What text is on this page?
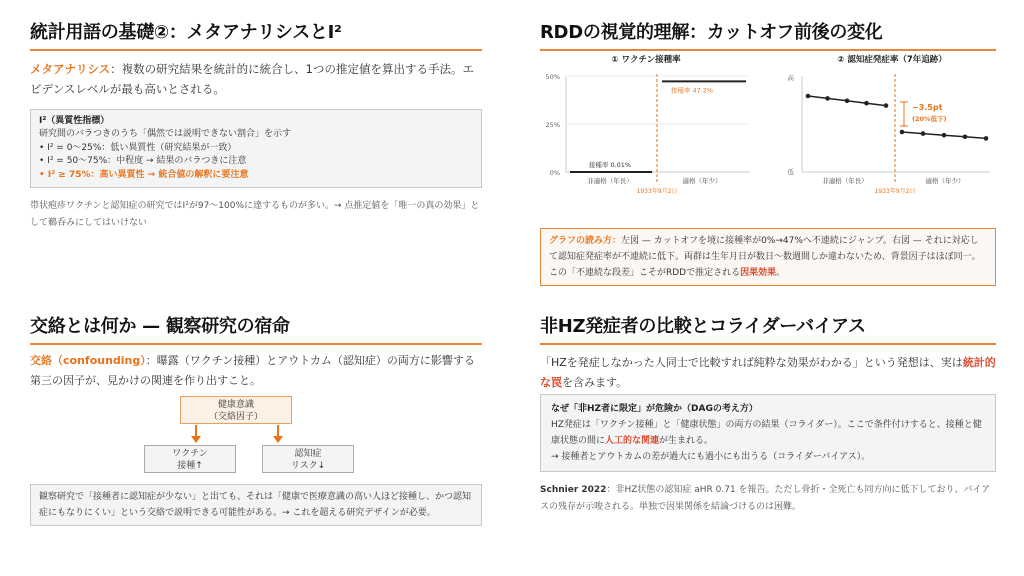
統計用語の基礎②：メタアナリシスとI²

メタアナリシス：複数の研究結果を統計的に統合し、1つの推定値を算出する手法。エビデンスレベルが最も高いとされる。

I²（異質性指標）
研究間のバラつきのうち「偶然では説明できない割合」を示す
• I² = 0〜25%：低い異質性（研究結果が一致）
• I² = 50〜75%：中程度 → 結果のバラつきに注意
• I² ≥ 75%：高い異質性 → 統合値の解釈に要注意

帯状疱疹ワクチンと認知症の研究ではI²が97〜100%に達するものが多い。→ 点推定値を「唯一の真の効果」として鵜呑みにしてはいけない

RDDの視覚的理解：カットオフ前後の変化
① ワクチン接種率
50%
25%
0%
接種率 0.01%
接種率 47.2%
非適格（年長）	適格（年少）
1933年9月2日
② 認知症発症率（7年追跡）
高
低
−3.5pt
(20%低下)
非適格（年長）	適格（年少）
1933年9月2日
グラフの読み方：左図 — カットオフを境に接種率が0%→47%へ不連続にジャンプ。右図 — それに対応して認知症発症率が不連続に低下。両群は生年月日が数日〜数週間しか違わないため、背景因子はほぼ同一。この「不連続な段差」こそがRDDで推定される因果効果。
交絡とは何か — 観察研究の宿命

交絡（confounding）：曝露（ワクチン接種）とアウトカム（認知症）の両方に影響する第三の因子が、見かけの関連を作り出すこと。

健康意識
（交絡因子）
ワクチン
接種↑
認知症
リスク↓
観察研究で「接種者に認知症が少ない」と出ても、それは「健康で医療意識の高い人ほど接種し、かつ認知症にもなりにくい」という交絡で説明できる可能性がある。→ これを超える研究デザインが必要。
非HZ発症者の比較とコライダーバイアス

「HZを発症しなかった人同士で比較すれば純粋な効果がわかる」という発想は、実は統計的な罠を含みます。

なぜ「非HZ者に限定」が危険か（DAGの考え方）
HZ発症は「ワクチン接種」と「健康状態」の両方の結果（コライダー）。ここで条件付けすると、接種と健康状態の間に人工的な関連が生まれる。
→ 接種者とアウトカムの差が過大にも過小にも出うる（コライダーバイアス）。

Schnier 2022：非HZ状態の認知症 aHR 0.71 を報告。ただし骨折・全死亡も同方向に低下しており、バイアスの残存が示唆される。単独で因果関係を結論づけるのは困難。
